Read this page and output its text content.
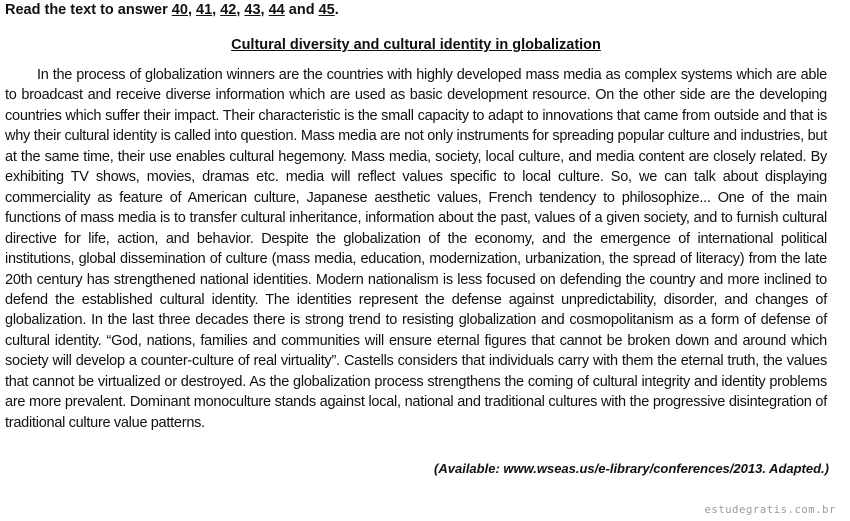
Read the text to answer 40, 41, 42, 43, 44 and 45.
Cultural diversity and cultural identity in globalization

In the process of globalization winners are the countries with highly developed mass media as complex systems which are able to broadcast and receive diverse information which are used as basic development resource. On the other side are the developing countries which suffer their impact. Their characteristic is the small capacity to adapt to innovations that came from outside and that is why their cultural identity is called into question. Mass media are not only instruments for spreading popular culture and industries, but at the same time, their use enables cultural hegemony. Mass media, society, local culture, and media content are closely related. By exhibiting TV shows, movies, dramas etc. media will reflect values specific to local culture. So, we can talk about displaying commerciality as feature of American culture, Japanese aesthetic values, French tendency to philosophize... One of the main functions of mass media is to transfer cultural inheritance, information about the past, values of a given society, and to furnish cultural directive for life, action, and behavior. Despite the globalization of the economy, and the emergence of international political institutions, global dissemination of culture (mass media, education, modernization, urbanization, the spread of literacy) from the late 20th century has strengthened national identities. Modern nationalism is less focused on defending the country and more inclined to defend the established cultural identity. The identities represent the defense against unpredictability, disorder, and changes of globalization. In the last three decades there is strong trend to resisting globalization and cosmopolitanism as a form of defense of cultural identity. “God, nations, families and communities will ensure eternal figures that cannot be broken down and around which society will develop a counter-culture of real virtuality”. Castells considers that individuals carry with them the eternal truth, the values that cannot be virtualized or destroyed. As the globalization process strengthens the coming of cultural integrity and identity problems are more prevalent. Dominant monoculture stands against local, national and traditional cultures with the progressive disintegration of traditional culture value patterns.

(Available: www.wseas.us/e-library/conferences/2013. Adapted.)
estudegratis.com.br
